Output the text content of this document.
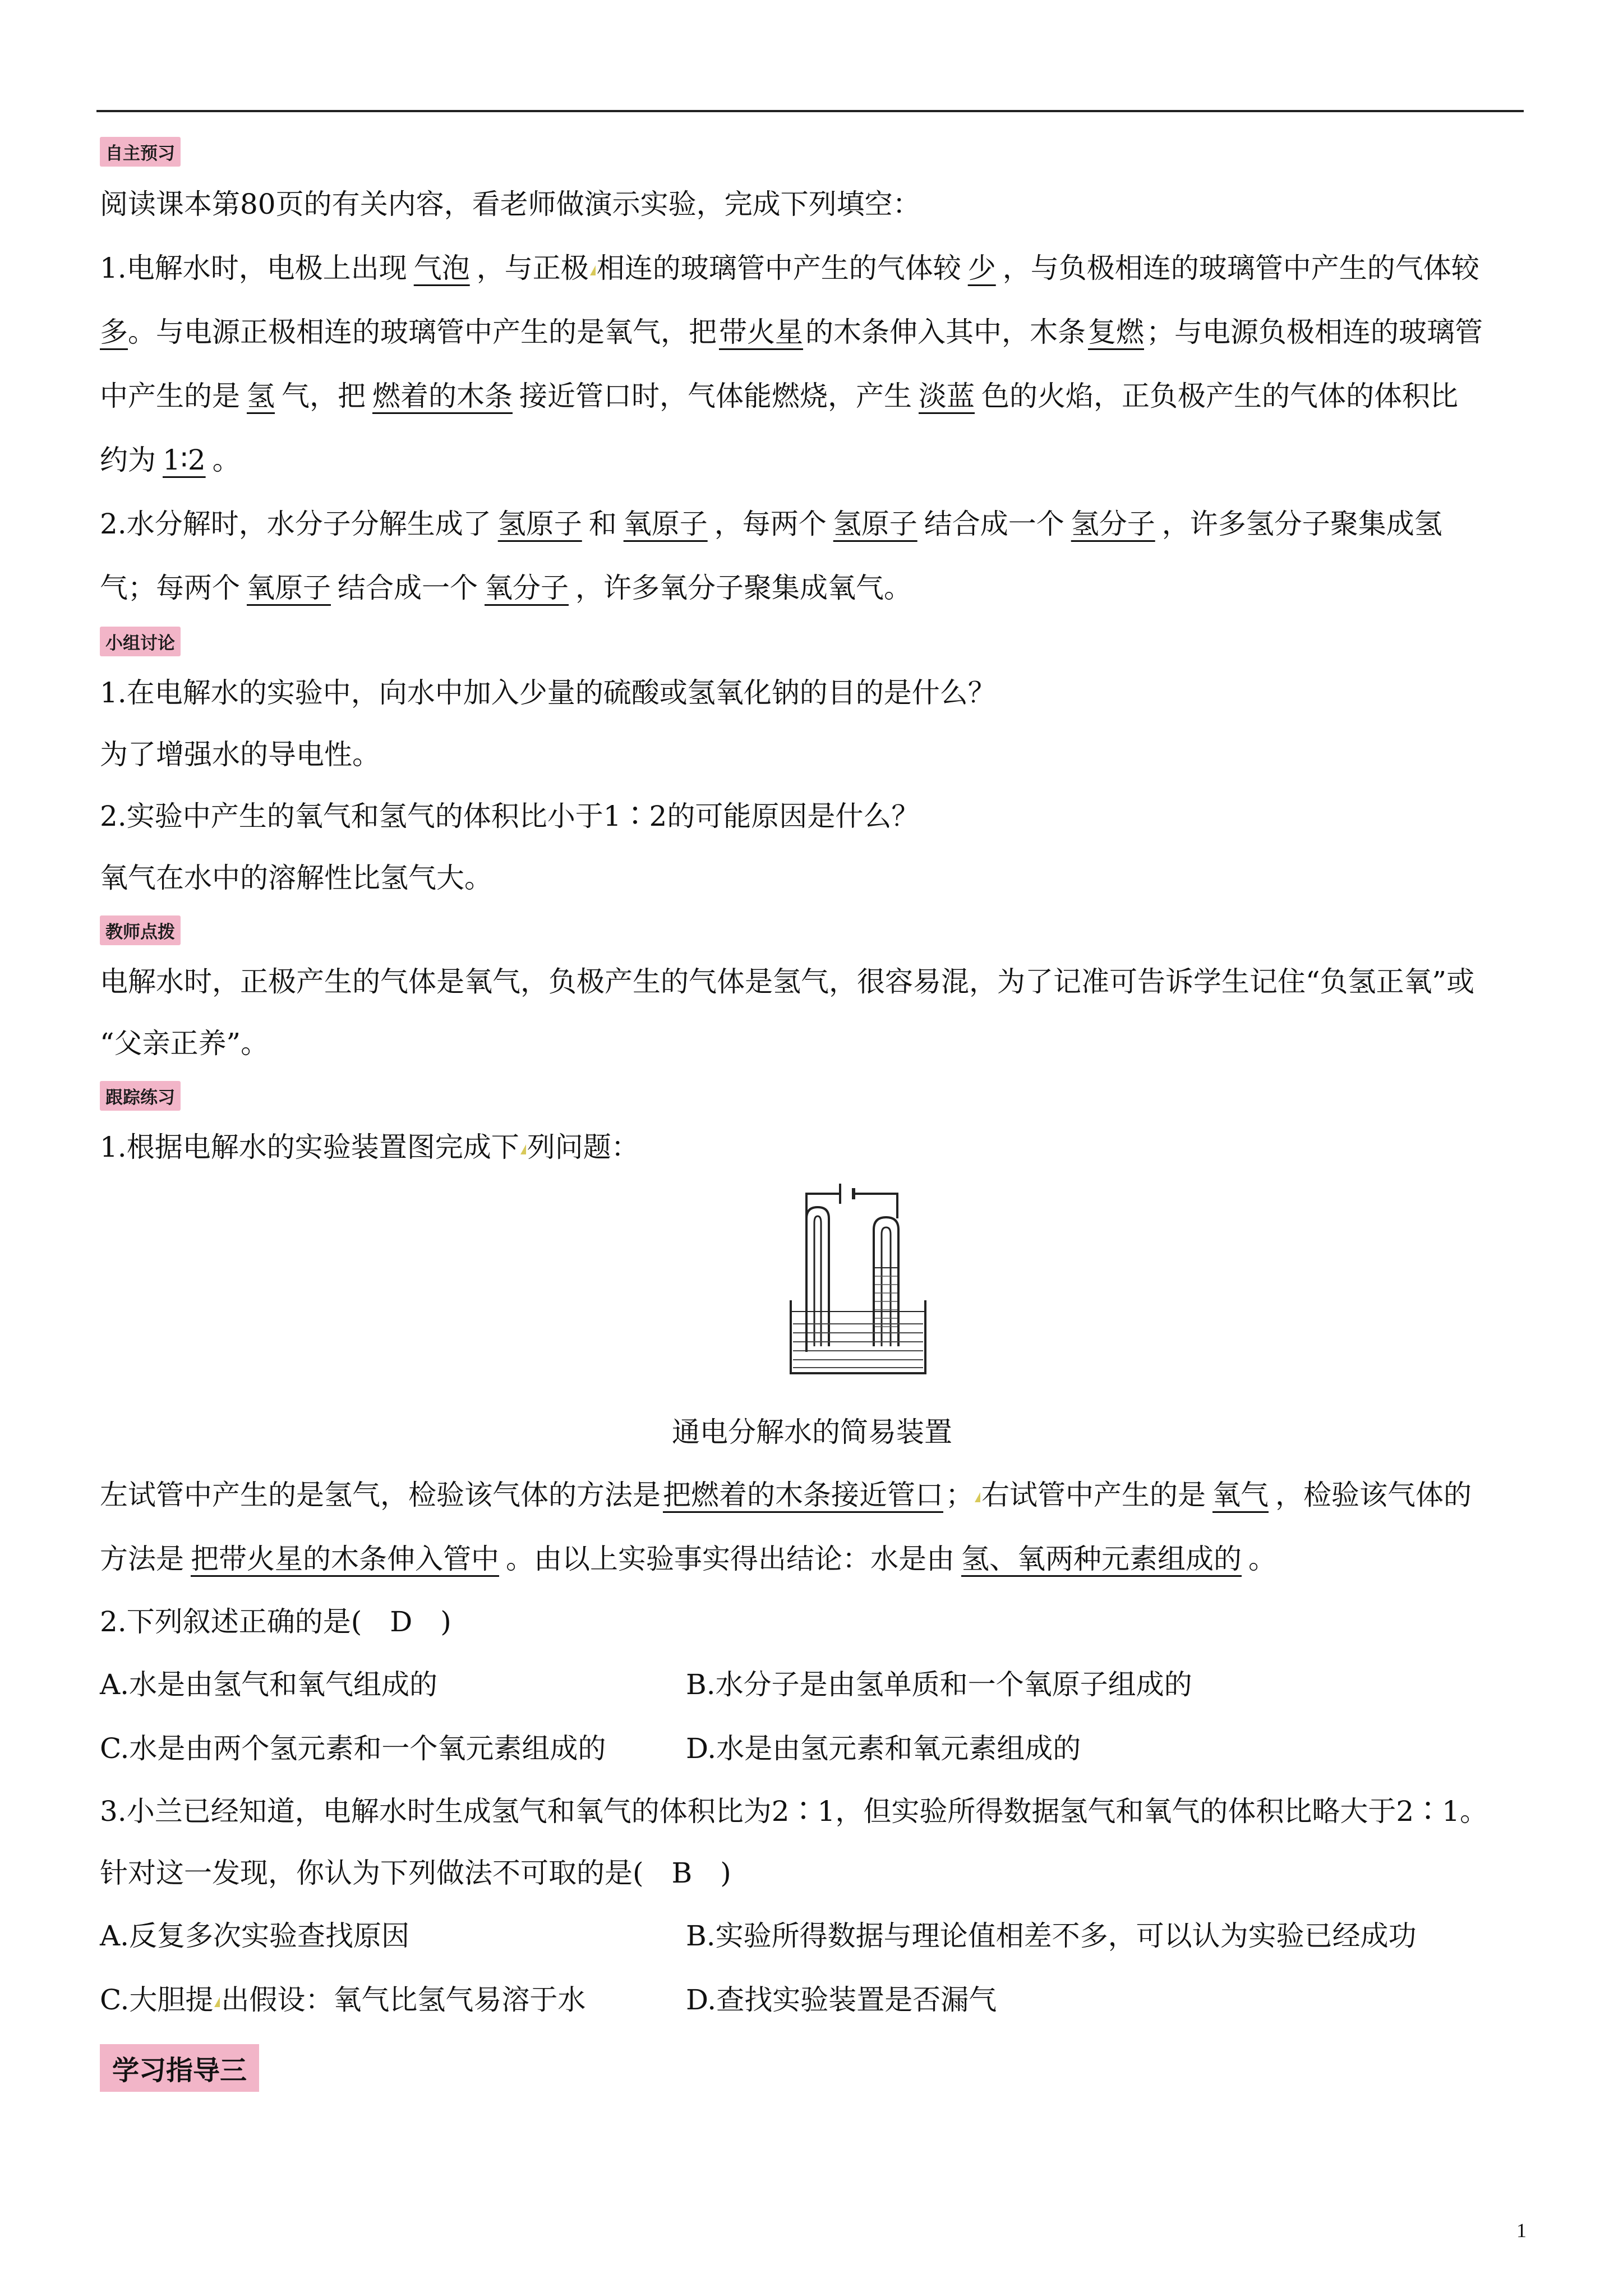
自主预习
阅读课本第80页的有关内容，看老师做演示实验，完成下列填空：
1.电解水时，电极上出现 气泡 ，与正极 相连的玻璃管中产生的气体较 少 ，与负极相连的玻璃管中产生的气体较
多。与电源正极相连的玻璃管中产生的是氧气，把带火星的木条伸入其中，木条复燃；与电源负极相连的玻璃管
中产生的是 氢 气，把 燃着的木条 接近管口时，气体能燃烧，产生 淡蓝 色的火焰，正负极产生的气体的体积比
约为 1∶2 。
2.水分解时，水分子分解生成了 氢原子 和 氧原子 ，每两个 氢原子 结合成一个 氢分子 ，许多氢分子聚集成氢
气；每两个 氧原子 结合成一个 氧分子 ，许多氧分子聚集成氧气。
小组讨论
1.在电解水的实验中，向水中加入少量的硫酸或氢氧化钠的目的是什么？
为了增强水的导电性。
2.实验中产生的氧气和氢气的体积比小于1∶2的可能原因是什么？
氧气在水中的溶解性比氢气大。
教师点拨
电解水时，正极产生的气体是氧气，负极产生的气体是氢气，很容易混，为了记准可告诉学生记住“负氢正氧”或
“父亲正养”。
跟踪练习
1.根据电解水的实验装置图完成下 列问题：
通电分解水的简易装置
左试管中产生的是氢气，检验该气体的方法是把燃着的木条接近管口； 右试管中产生的是 氧气 ，检验该气体的
方法是 把带火星的木条伸入管中 。由以上实验事实得出结论：水是由 氢、氧两种元素组成的 。
2.下列叙述正确的是(　D　)
A.水是由氢气和氧气组成的	B.水分子是由氢单质和一个氧原子组成的
C.水是由两个氢元素和一个氧元素组成的	D.水是由氢元素和氧元素组成的
3.小兰已经知道，电解水时生成氢气和氧气的体积比为2∶1，但实验所得数据氢气和氧气的体积比略大于2∶1。
针对这一发现，你认为下列做法不可取的是(　B　)
A.反复多次实验查找原因	B.实验所得数据与理论值相差不多，可以认为实验已经成功
C.大胆提 出假设：氧气比氢气易溶于水	D.查找实验装置是否漏气
学习指导三
1
